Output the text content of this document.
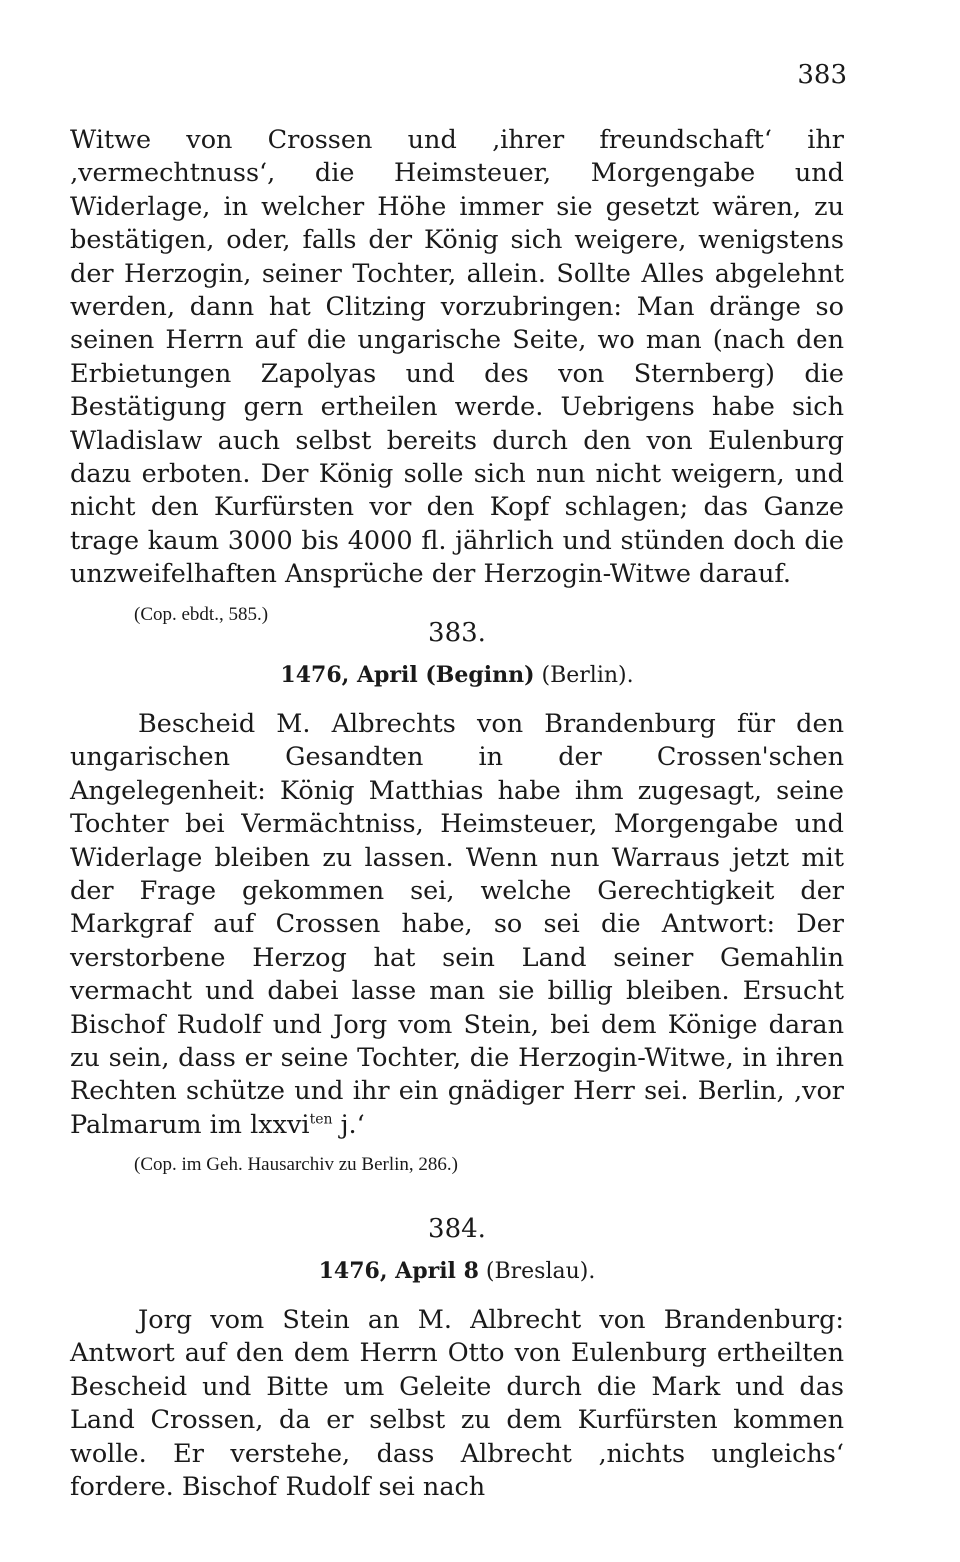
383

Witwe von Crossen und ‚ihrer freundschaft‘ ihr ‚vermechtnuss‘, die Heimsteuer, Morgengabe und Widerlage, in welcher Höhe immer sie gesetzt wären, zu bestätigen, oder, falls der König sich weigere, wenigstens der Herzogin, seiner Tochter, allein. Sollte Alles abgelehnt werden, dann hat Clitzing vorzubringen: Man dränge so seinen Herrn auf die ungarische Seite, wo man (nach den Erbietungen Zapolyas und des von Sternberg) die Bestätigung gern ertheilen werde. Uebrigens habe sich Wladislaw auch selbst bereits durch den von Eulenburg dazu erboten. Der König solle sich nun nicht weigern, und nicht den Kurfürsten vor den Kopf schlagen; das Ganze trage kaum 3000 bis 4000 fl. jährlich und stünden doch die unzweifelhaften Ansprüche der Herzogin-Witwe darauf.

(Cop. ebdt., 585.)

383.

1476, April (Beginn) (Berlin).

Bescheid M. Albrechts von Brandenburg für den ungarischen Gesandten in der Crossen'schen Angelegenheit: König Matthias habe ihm zugesagt, seine Tochter bei Vermächtniss, Heimsteuer, Morgengabe und Widerlage bleiben zu lassen. Wenn nun Warraus jetzt mit der Frage gekommen sei, welche Gerechtigkeit der Markgraf auf Crossen habe, so sei die Antwort: Der verstorbene Herzog hat sein Land seiner Gemahlin vermacht und dabei lasse man sie billig bleiben. Ersucht Bischof Rudolf und Jorg vom Stein, bei dem Könige daran zu sein, dass er seine Tochter, die Herzogin-Witwe, in ihren Rechten schütze und ihr ein gnädiger Herr sei. Berlin, ‚vor Palmarum im lxxvi$^{ten}$ j.‘

(Cop. im Geh. Hausarchiv zu Berlin, 286.)

384.

1476, April 8 (Breslau).

Jorg vom Stein an M. Albrecht von Brandenburg: Antwort auf den dem Herrn Otto von Eulenburg ertheilten Bescheid und Bitte um Geleite durch die Mark und das Land Crossen, da er selbst zu dem Kurfürsten kommen wolle. Er verstehe, dass Albrecht ‚nichts ungleichs‘ fordere. Bischof Rudolf sei nach
